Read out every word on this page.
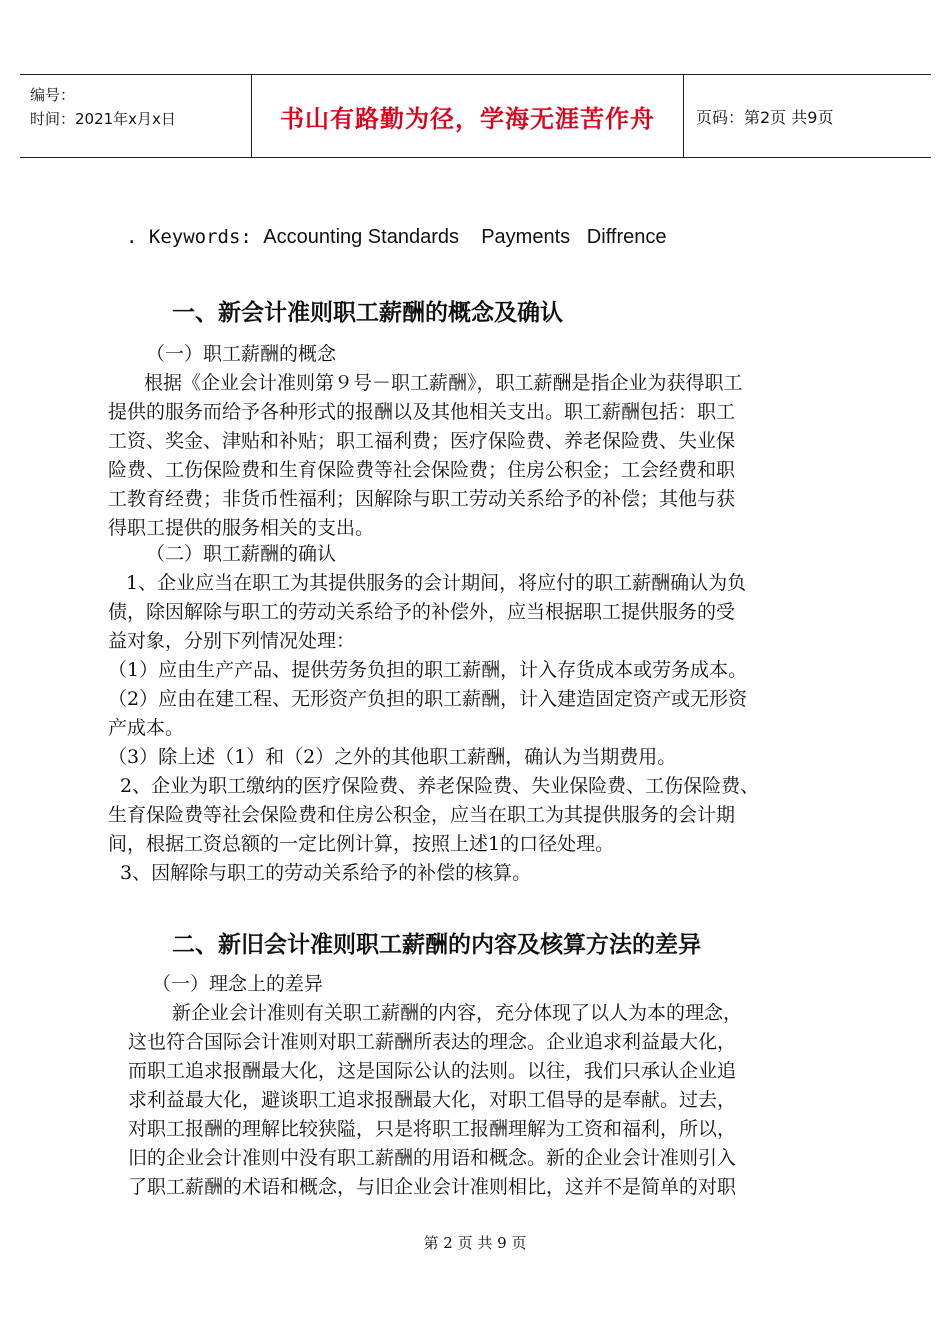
编号：
时间：2021年x月x日	书山有路勤为径，学海无涯苦作舟	页码：第2页 共9页
. Keywords: Accounting Standards    Payments   Diffrence
一、新会计准则职工薪酬的概念及确认
（一）职工薪酬的概念
根据《企业会计准则第９号－职工薪酬》，职工薪酬是指企业为获得职工
提供的服务而给予各种形式的报酬以及其他相关支出。职工薪酬包括：职工
工资、奖金、津贴和补贴；职工福利费；医疗保险费、养老保险费、失业保
险费、工伤保险费和生育保险费等社会保险费；住房公积金；工会经费和职
工教育经费；非货币性福利；因解除与职工劳动关系给予的补偿；其他与获
得职工提供的服务相关的支出。
（二）职工薪酬的确认
1、企业应当在职工为其提供服务的会计期间，将应付的职工薪酬确认为负
债，除因解除与职工的劳动关系给予的补偿外，应当根据职工提供服务的受
益对象，分别下列情况处理：
（1）应由生产产品、提供劳务负担的职工薪酬，计入存货成本或劳务成本。
（2）应由在建工程、无形资产负担的职工薪酬，计入建造固定资产或无形资
产成本。
（3）除上述（1）和（2）之外的其他职工薪酬，确认为当期费用。
2、企业为职工缴纳的医疗保险费、养老保险费、失业保险费、工伤保险费、
生育保险费等社会保险费和住房公积金，应当在职工为其提供服务的会计期
间，根据工资总额的一定比例计算，按照上述1的口径处理。
3、因解除与职工的劳动关系给予的补偿的核算。
二、新旧会计准则职工薪酬的内容及核算方法的差异
（一）理念上的差异
新企业会计准则有关职工薪酬的内容，充分体现了以人为本的理念，
这也符合国际会计准则对职工薪酬所表达的理念。企业追求利益最大化，
而职工追求报酬最大化，这是国际公认的法则。以往，我们只承认企业追
求利益最大化，避谈职工追求报酬最大化，对职工倡导的是奉献。过去，
对职工报酬的理解比较狭隘，只是将职工报酬理解为工资和福利，所以，
旧的企业会计准则中没有职工薪酬的用语和概念。新的企业会计准则引入
了职工薪酬的术语和概念，与旧企业会计准则相比，这并不是简单的对职
第 2 页 共 9 页
